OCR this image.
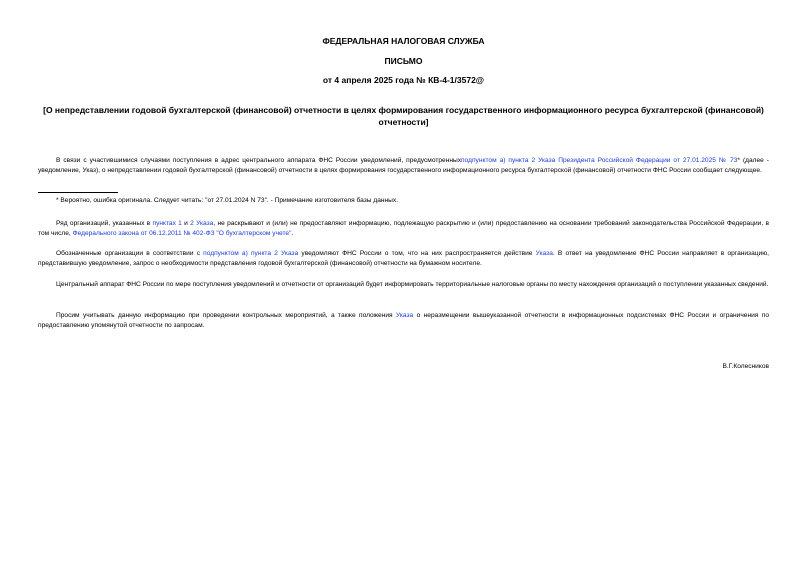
ФЕДЕРАЛЬНАЯ НАЛОГОВАЯ СЛУЖБА
ПИСЬМО
от 4 апреля 2025 года № КВ-4-1/3572@
[О непредставлении годовой бухгалтерской (финансовой) отчетности в целях формирования государственного информационного ресурса бухгалтерской (финансовой) отчетности]
В связи с участившимися случаями поступления в адрес центрального аппарата ФНС России уведомлений, предусмотренныхподпунктом а) пункта 2 Указа Президента Российской Федерации от 27.01.2025 № 73* (далее - уведомление, Указ), о непредставлении годовой бухгалтерской (финансовой) отчетности в целях формирования государственного информационного ресурса бухгалтерской (финансовой) отчетности ФНС России сообщает следующее.
* Вероятно, ошибка оригинала. Следует читать: "от 27.01.2024 N 73". - Примечание изготовителя базы данных.
Ряд организаций, указанных в пунктах 1 и 2 Указа, не раскрывают и (или) не предоставляют информацию, подлежащую раскрытию и (или) предоставлению на основании требований законодательства Российской Федерации, в том числе, Федерального закона от 06.12.2011 № 402-ФЗ "О бухгалтерском учете".
Обозначенные организации в соответствии с подпунктом а) пункта 2 Указа уведомляют ФНС России о том, что на них распространяется действие Указа. В ответ на уведомление ФНС России направляет в организацию, представившую уведомление, запрос о необходимости представления годовой бухгалтерской (финансовой) отчетности на бумажном носителе.
Центральный аппарат ФНС России по мере поступления уведомлений и отчетности от организаций будет информировать территориальные налоговые органы по месту нахождения организаций о поступлении указанных сведений.
Просим учитывать данную информацию при проведении контрольных мероприятий, а также положения Указа о неразмещении вышеуказанной отчетности в информационных подсистемах ФНС России и ограничения по предоставлению упомянутой отчетности по запросам.
В.Г.Колесников
